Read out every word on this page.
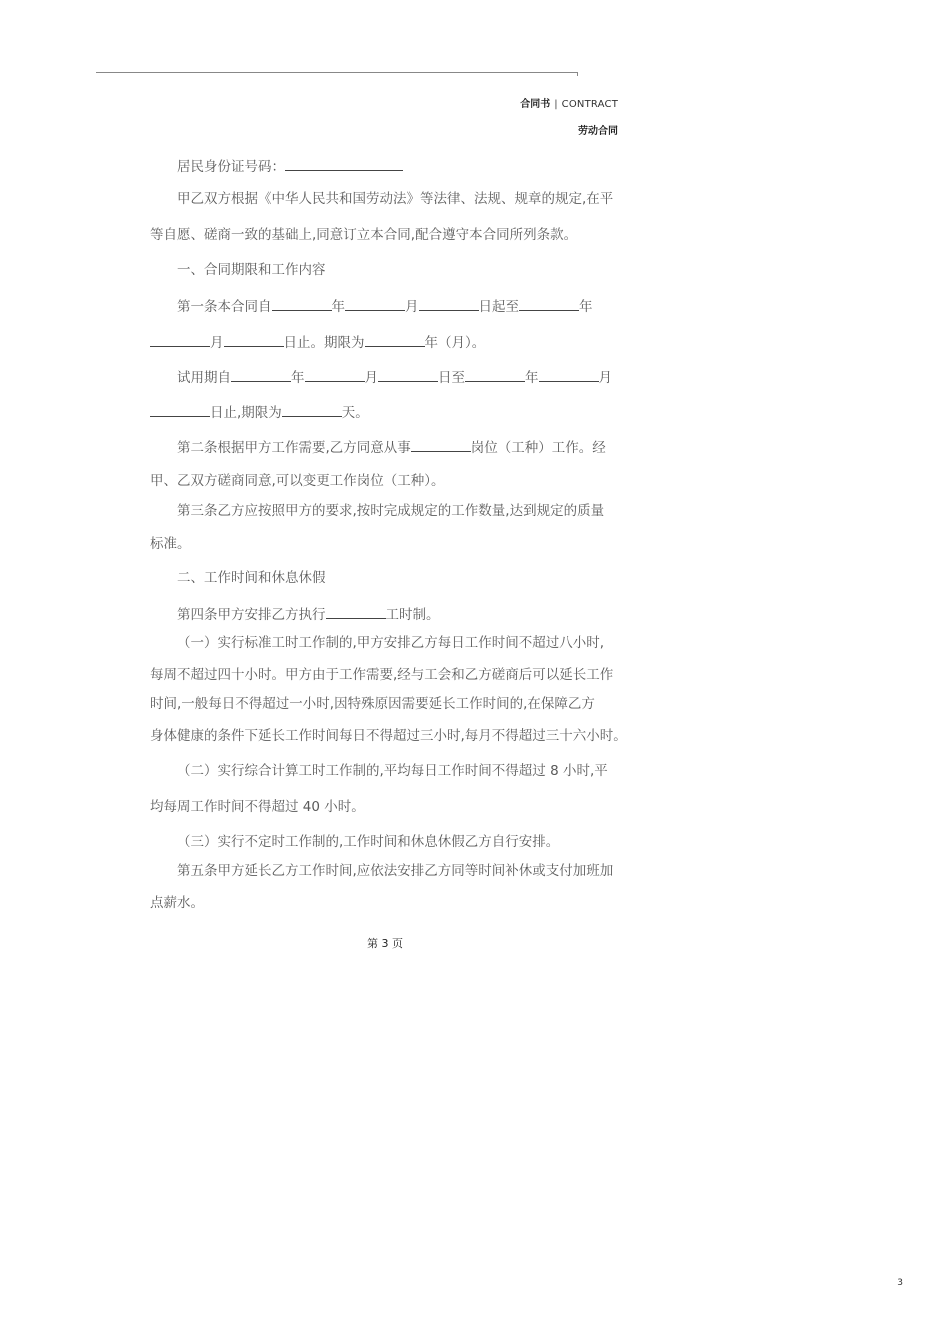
合同书 | CONTRACT
劳动合同
居民身份证号码：
甲乙双方根据《中华人民共和国劳动法》等法律、法规、规章的规定,在平
等自愿、磋商一致的基础上,同意订立本合同,配合遵守本合同所列条款。
一、合同期限和工作内容
第一条本合同自	年	月	日起至	年
月	日止。期限为	年（月）。
试用期自	年	月	日至	年	月
日止,期限为	天。
第二条根据甲方工作需要,乙方同意从事	岗位（工种）工作。经
甲、乙双方磋商同意,可以变更工作岗位（工种）。
第三条乙方应按照甲方的要求,按时完成规定的工作数量,达到规定的质量
标准。
二、工作时间和休息休假
第四条甲方安排乙方执行	工时制。
（一）实行标准工时工作制的,甲方安排乙方每日工作时间不超过八小时,
每周不超过四十小时。甲方由于工作需要,经与工会和乙方磋商后可以延长工作
时间,一般每日不得超过一小时,因特殊原因需要延长工作时间的,在保障乙方
身体健康的条件下延长工作时间每日不得超过三小时,每月不得超过三十六小时。
（二）实行综合计算工时工作制的,平均每日工作时间不得超过 8 小时,平
均每周工作时间不得超过 40 小时。
（三）实行不定时工作制的,工作时间和休息休假乙方自行安排。
第五条甲方延长乙方工作时间,应依法安排乙方同等时间补休或支付加班加
点薪水。
第 3 页
3
